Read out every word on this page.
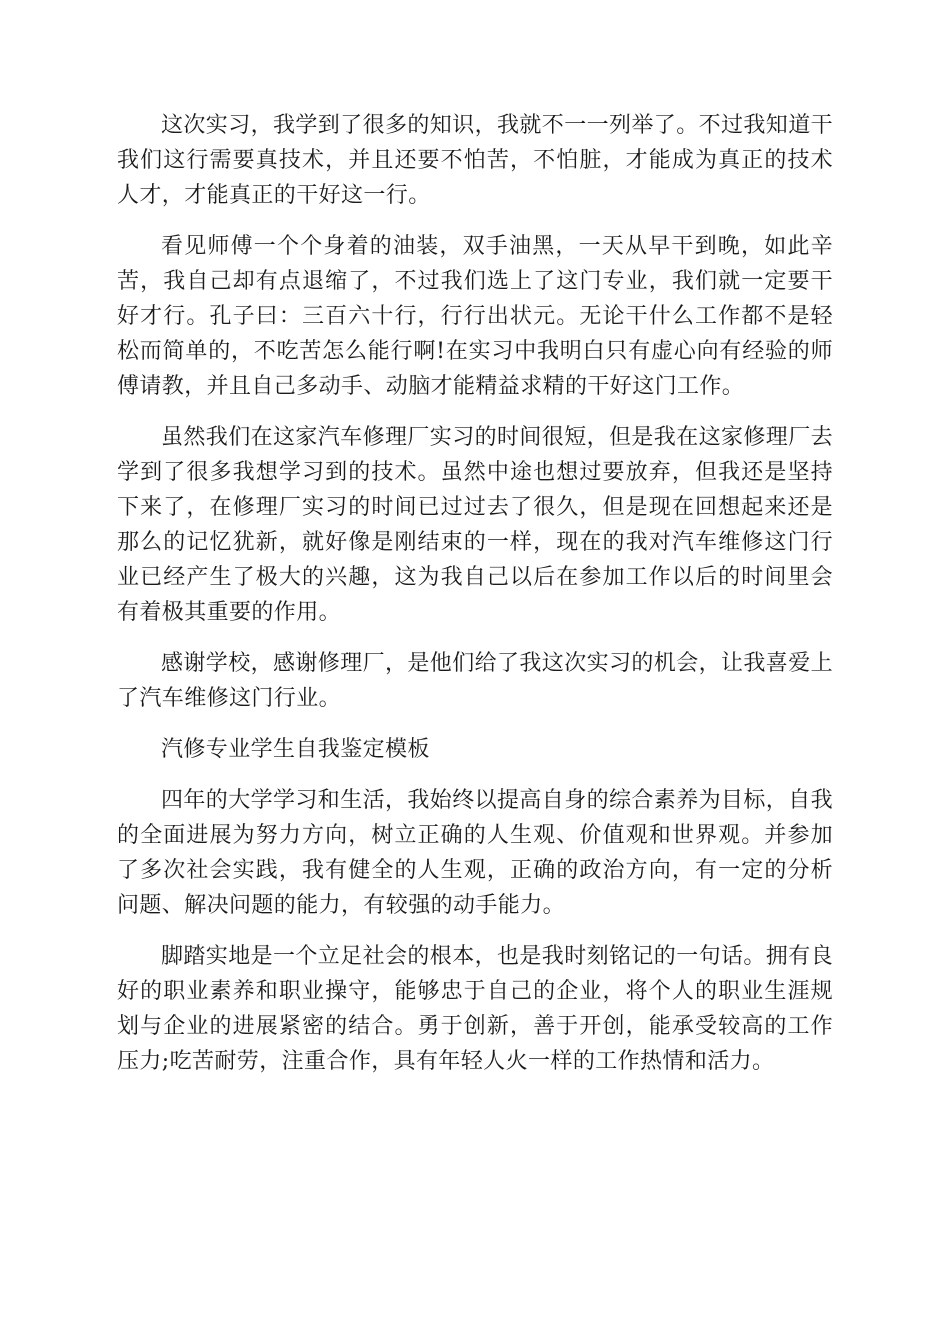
这次实习，我学到了很多的知识，我就不一一列举了。不过我知道干我们这行需要真技术，并且还要不怕苦，不怕脏，才能成为真正的技术人才，才能真正的干好这一行。

看见师傅一个个身着的油装，双手油黑，一天从早干到晚，如此辛苦，我自己却有点退缩了，不过我们选上了这门专业，我们就一定要干好才行。孔子曰：三百六十行，行行出状元。无论干什么工作都不是轻松而简单的，不吃苦怎么能行啊!在实习中我明白只有虚心向有经验的师傅请教，并且自己多动手、动脑才能精益求精的干好这门工作。

虽然我们在这家汽车修理厂实习的时间很短，但是我在这家修理厂去学到了很多我想学习到的技术。虽然中途也想过要放弃，但我还是坚持下来了，在修理厂实习的时间已过过去了很久，但是现在回想起来还是那么的记忆犹新，就好像是刚结束的一样，现在的我对汽车维修这门行业已经产生了极大的兴趣，这为我自己以后在参加工作以后的时间里会有着极其重要的作用。

感谢学校，感谢修理厂，是他们给了我这次实习的机会，让我喜爱上了汽车维修这门行业。

汽修专业学生自我鉴定模板

四年的大学学习和生活，我始终以提高自身的综合素养为目标，自我的全面进展为努力方向，树立正确的人生观、价值观和世界观。并参加了多次社会实践，我有健全的人生观，正确的政治方向，有一定的分析问题、解决问题的能力，有较强的动手能力。

脚踏实地是一个立足社会的根本，也是我时刻铭记的一句话。拥有良好的职业素养和职业操守，能够忠于自己的企业，将个人的职业生涯规划与企业的进展紧密的结合。勇于创新，善于开创，能承受较高的工作压力;吃苦耐劳，注重合作，具有年轻人火一样的工作热情和活力。
